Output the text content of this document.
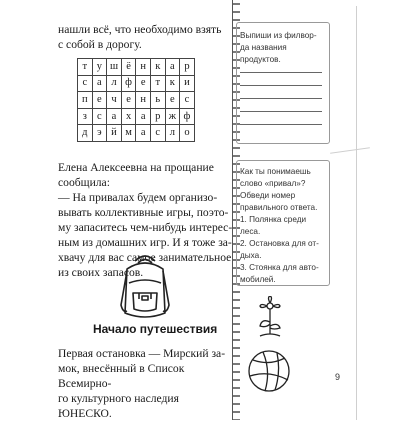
нашли всё, что необходимо взять
с собой в дорогу.
т	у	ш	ё	н	к	а	р
с	а	л	ф	е	т	к	и
п	е	ч	е	н	ь	е	с
з	с	а	х	а	р	ж	ф
д	э	й	м	а	с	л	о
Елена Алексеевна на прощание
сообщила:
— На привалах будем организо-
вывать коллективные игры, поэто-
му запаситесь чем-нибудь интерес-
ным из домашних игр. И я тоже за-
хвачу для вас самое занимательное
из своих запасов.
Начало путешествия
Первая остановка — Мирский за-
мок, внесённый в Список Всемирно-
го культурного наследия ЮНЕСКО.
Выпиши из филвор-
да названия
продуктов.
Как ты понимаешь
слово «привал»?
Обведи номер
правильного ответа.
1. Полянка среди
леса.
2. Остановка для от-
дыха.
3. Стоянка для авто-
мобилей.
9
